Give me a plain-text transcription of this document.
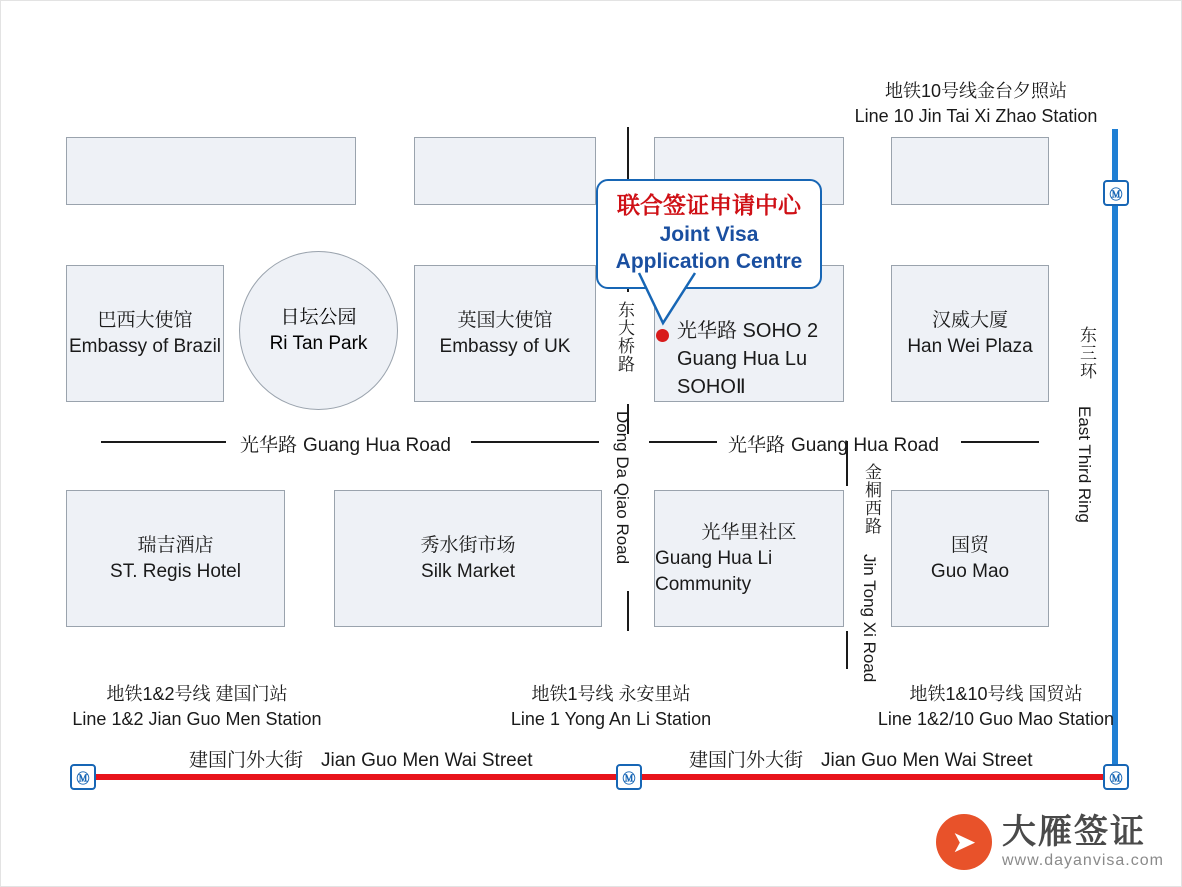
巴西大使馆
Embassy of Brazil
日坛公园
Ri Tan Park
英国大使馆
Embassy of UK
汉威大厦
Han Wei Plaza
光华路 SOHO 2
Guang Hua Lu SOHOⅡ
瑞吉酒店
ST. Regis Hotel
秀水街市场
Silk Market
光华里社区
Guang Hua Li Community
国贸
Guo Mao
光华路 Guang Hua Road	光华路 Guang Hua Road
东大桥路
Dong Da Qiao Road	金桐西路
Jin Tong Xi Road
东三环
East Third Ring
Ⓜ
Ⓜ	Ⓜ	Ⓜ
地铁10号线金台夕照站
Line 10 Jin Tai Xi Zhao Station
地铁1&2号线 建国门站
Line 1&2 Jian Guo Men Station
地铁1号线 永安里站
Line 1 Yong An Li Station
地铁1&10号线 国贸站
Line 1&2/10 Guo Mao Station
建国门外大街 Jian Guo Men Wai Street	建国门外大街 Jian Guo Men Wai Street
联合签证申请中心
Joint Visa
Application Centre
➤ 大雁签证
www.dayanvisa.com
